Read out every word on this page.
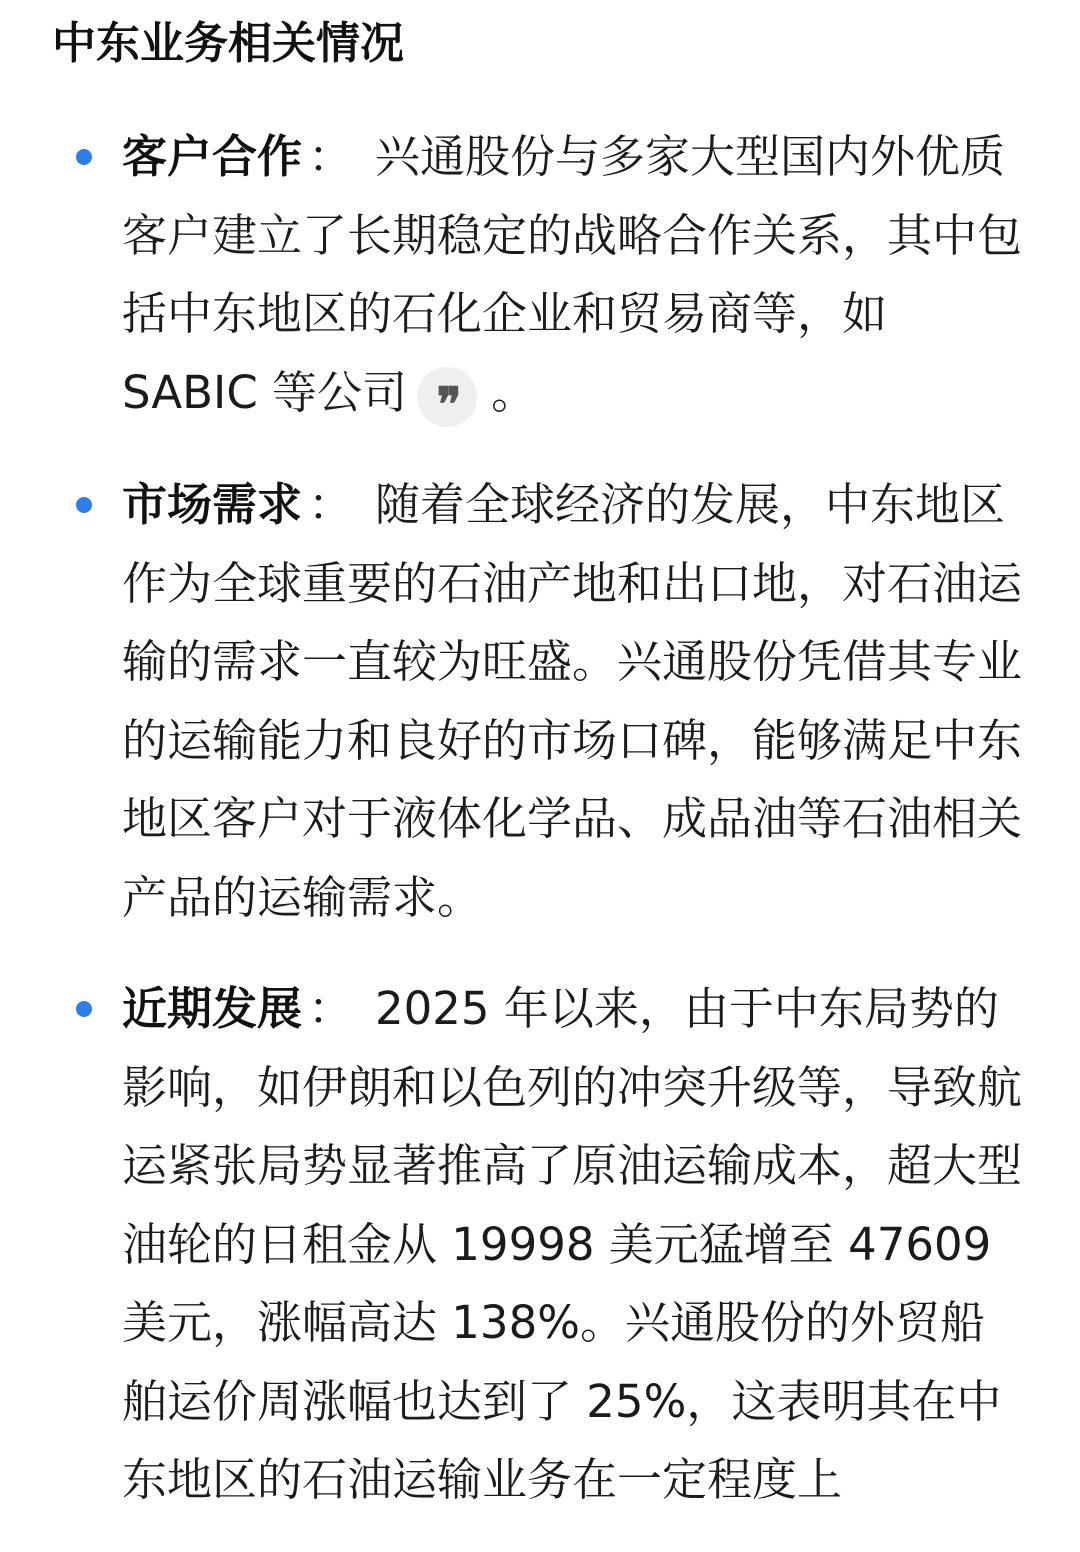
中东业务相关情况
客户合作 ： 兴通股份与多家大型国内外优质客户建立了长期稳定的战略合作关系，其中包括中东地区的石化企业和贸易商等，如 SABIC 等公司 ❞ 。
市场需求 ： 随着全球经济的发展，中东地区作为全球重要的石油产地和出口地，对石油运输的需求一直较为旺盛。兴通股份凭借其专业的运输能力和良好的市场口碑，能够满足中东地区客户对于液体化学品、成品油等石油相关产品的运输需求。
近期发展 ： 2025 年以来，由于中东局势的影响，如伊朗和以色列的冲突升级等，导致航运紧张局势显著推高了原油运输成本，超大型油轮的日租金从 19998 美元猛增至 47609 美元，涨幅高达 138%。兴通股份的外贸船舶运价周涨幅也达到了 25%，这表明其在中东地区的石油运输业务在一定程度上
